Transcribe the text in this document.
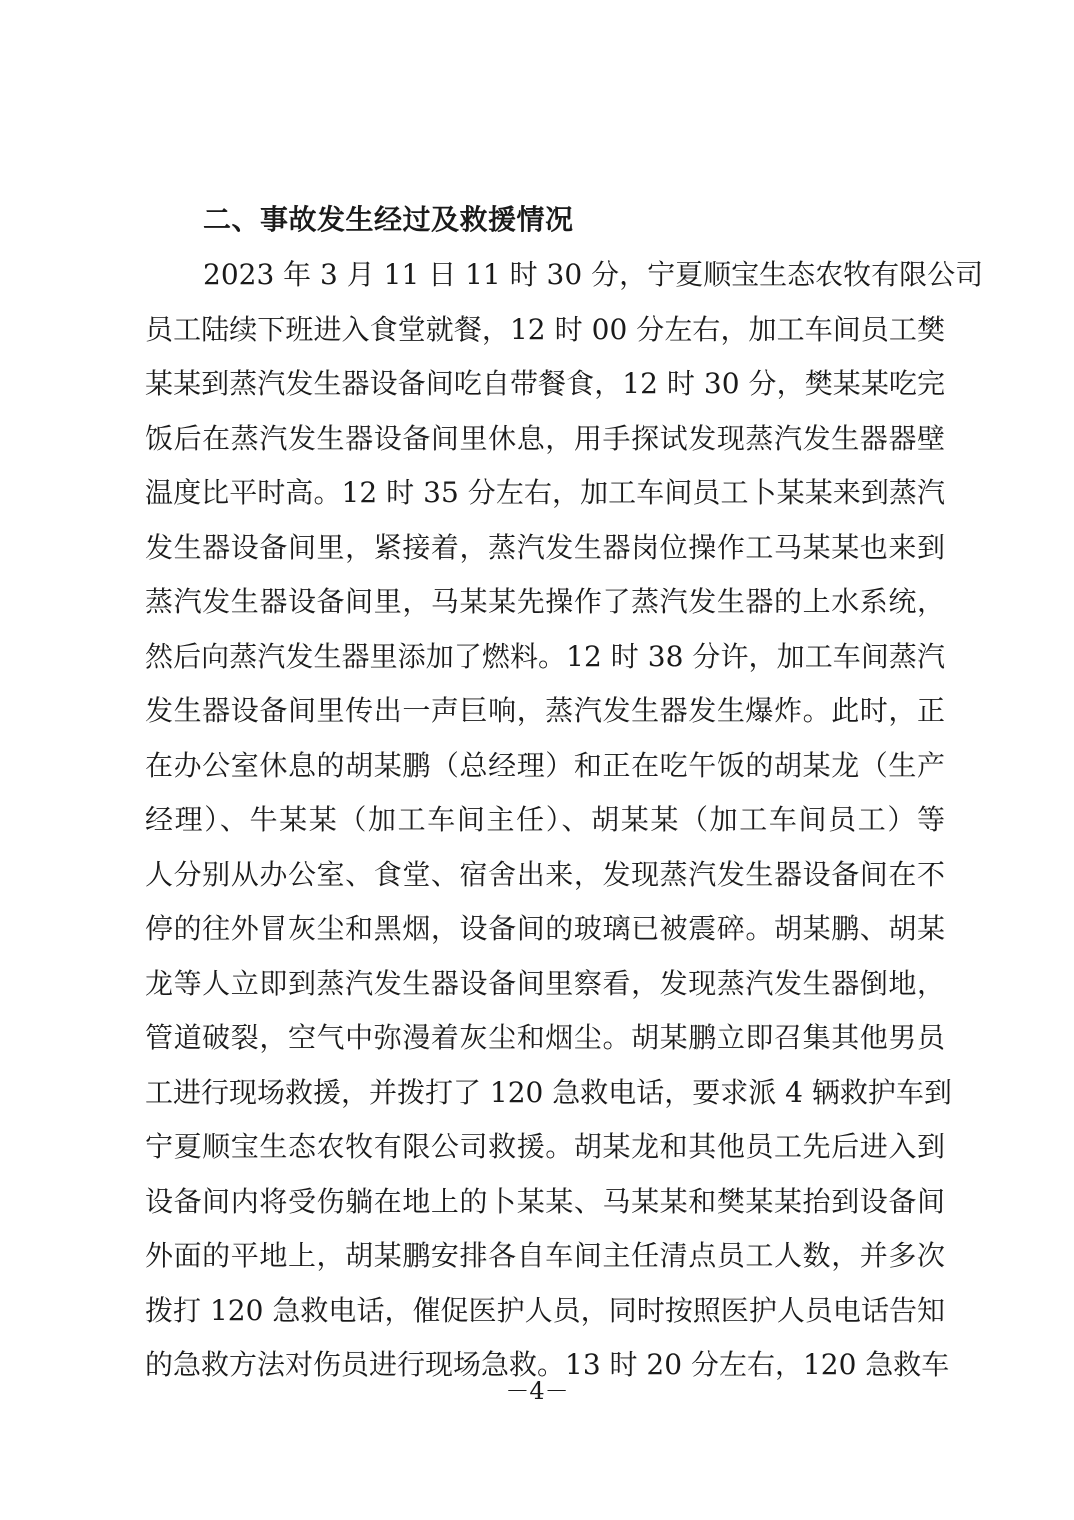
二、事故发生经过及救援情况
2023 年 3 月 11 日 11 时 30 分，宁夏顺宝生态农牧有限公司
员工陆续下班进入食堂就餐，12 时 00 分左右，加工车间员工樊
某某到蒸汽发生器设备间吃自带餐食，12 时 30 分，樊某某吃完
饭后在蒸汽发生器设备间里休息，用手探试发现蒸汽发生器器壁
温度比平时高。12 时 35 分左右，加工车间员工卜某某来到蒸汽
发生器设备间里，紧接着，蒸汽发生器岗位操作工马某某也来到
蒸汽发生器设备间里，马某某先操作了蒸汽发生器的上水系统，
然后向蒸汽发生器里添加了燃料。12 时 38 分许，加工车间蒸汽
发生器设备间里传出一声巨响，蒸汽发生器发生爆炸。此时，正
在办公室休息的胡某鹏（总经理）和正在吃午饭的胡某龙（生产
经理）、牛某某（加工车间主任）、胡某某（加工车间员工）等
人分别从办公室、食堂、宿舍出来，发现蒸汽发生器设备间在不
停的往外冒灰尘和黑烟，设备间的玻璃已被震碎。胡某鹏、胡某
龙等人立即到蒸汽发生器设备间里察看，发现蒸汽发生器倒地，
管道破裂，空气中弥漫着灰尘和烟尘。胡某鹏立即召集其他男员
工进行现场救援，并拨打了 120 急救电话，要求派 4 辆救护车到
宁夏顺宝生态农牧有限公司救援。胡某龙和其他员工先后进入到
设备间内将受伤躺在地上的卜某某、马某某和樊某某抬到设备间
外面的平地上，胡某鹏安排各自车间主任清点员工人数，并多次
拨打 120 急救电话，催促医护人员，同时按照医护人员电话告知
的急救方法对伤员进行现场急救。13 时 20 分左右，120 急救车
－4－
